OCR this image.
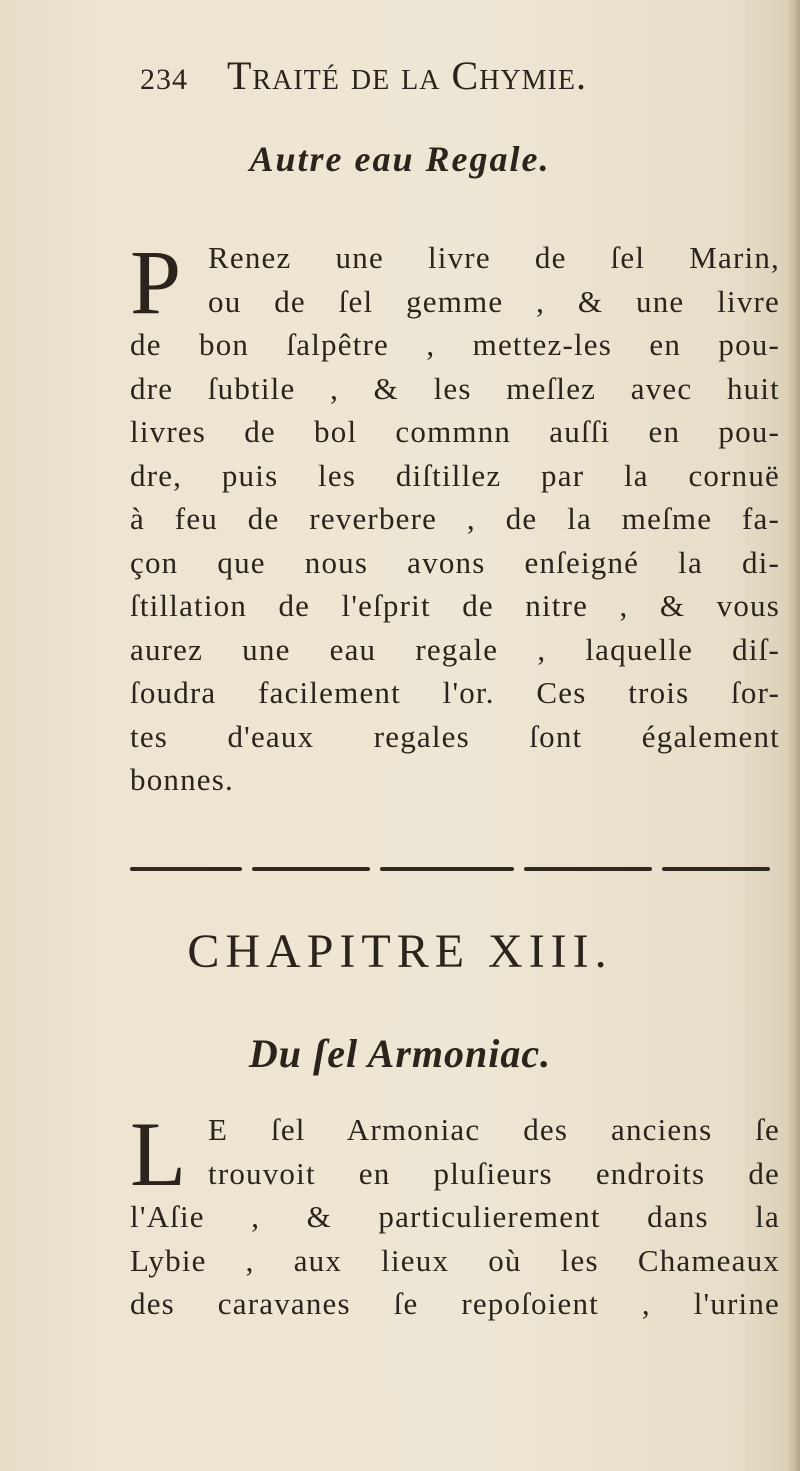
234 Traité de la Chymie.
Autre eau Regale.
P Renez une livre de ſel Marin,
ou de ſel gemme , & une livre
de bon ſalpêtre , mettez-les en pou-
dre ſubtile , & les meſlez avec huit
livres de bol commnn auſſi en pou-
dre, puis les diſtillez par la cornuë
à feu de reverbere , de la meſme fa-
çon que nous avons enſeigné la di-
ſtillation de l'eſprit de nitre , & vous
aurez une eau regale , laquelle diſ-
ſoudra facilement l'or. Ces trois ſor-
tes d'eaux regales ſont également
bonnes.
CHAPITRE XIII.
Du ſel Armoniac.
L E ſel Armoniac des anciens ſe
trouvoit en pluſieurs endroits de
l'Aſie , & particulierement dans la
Lybie , aux lieux où les Chameaux
des caravanes ſe repoſoient , l'urine
